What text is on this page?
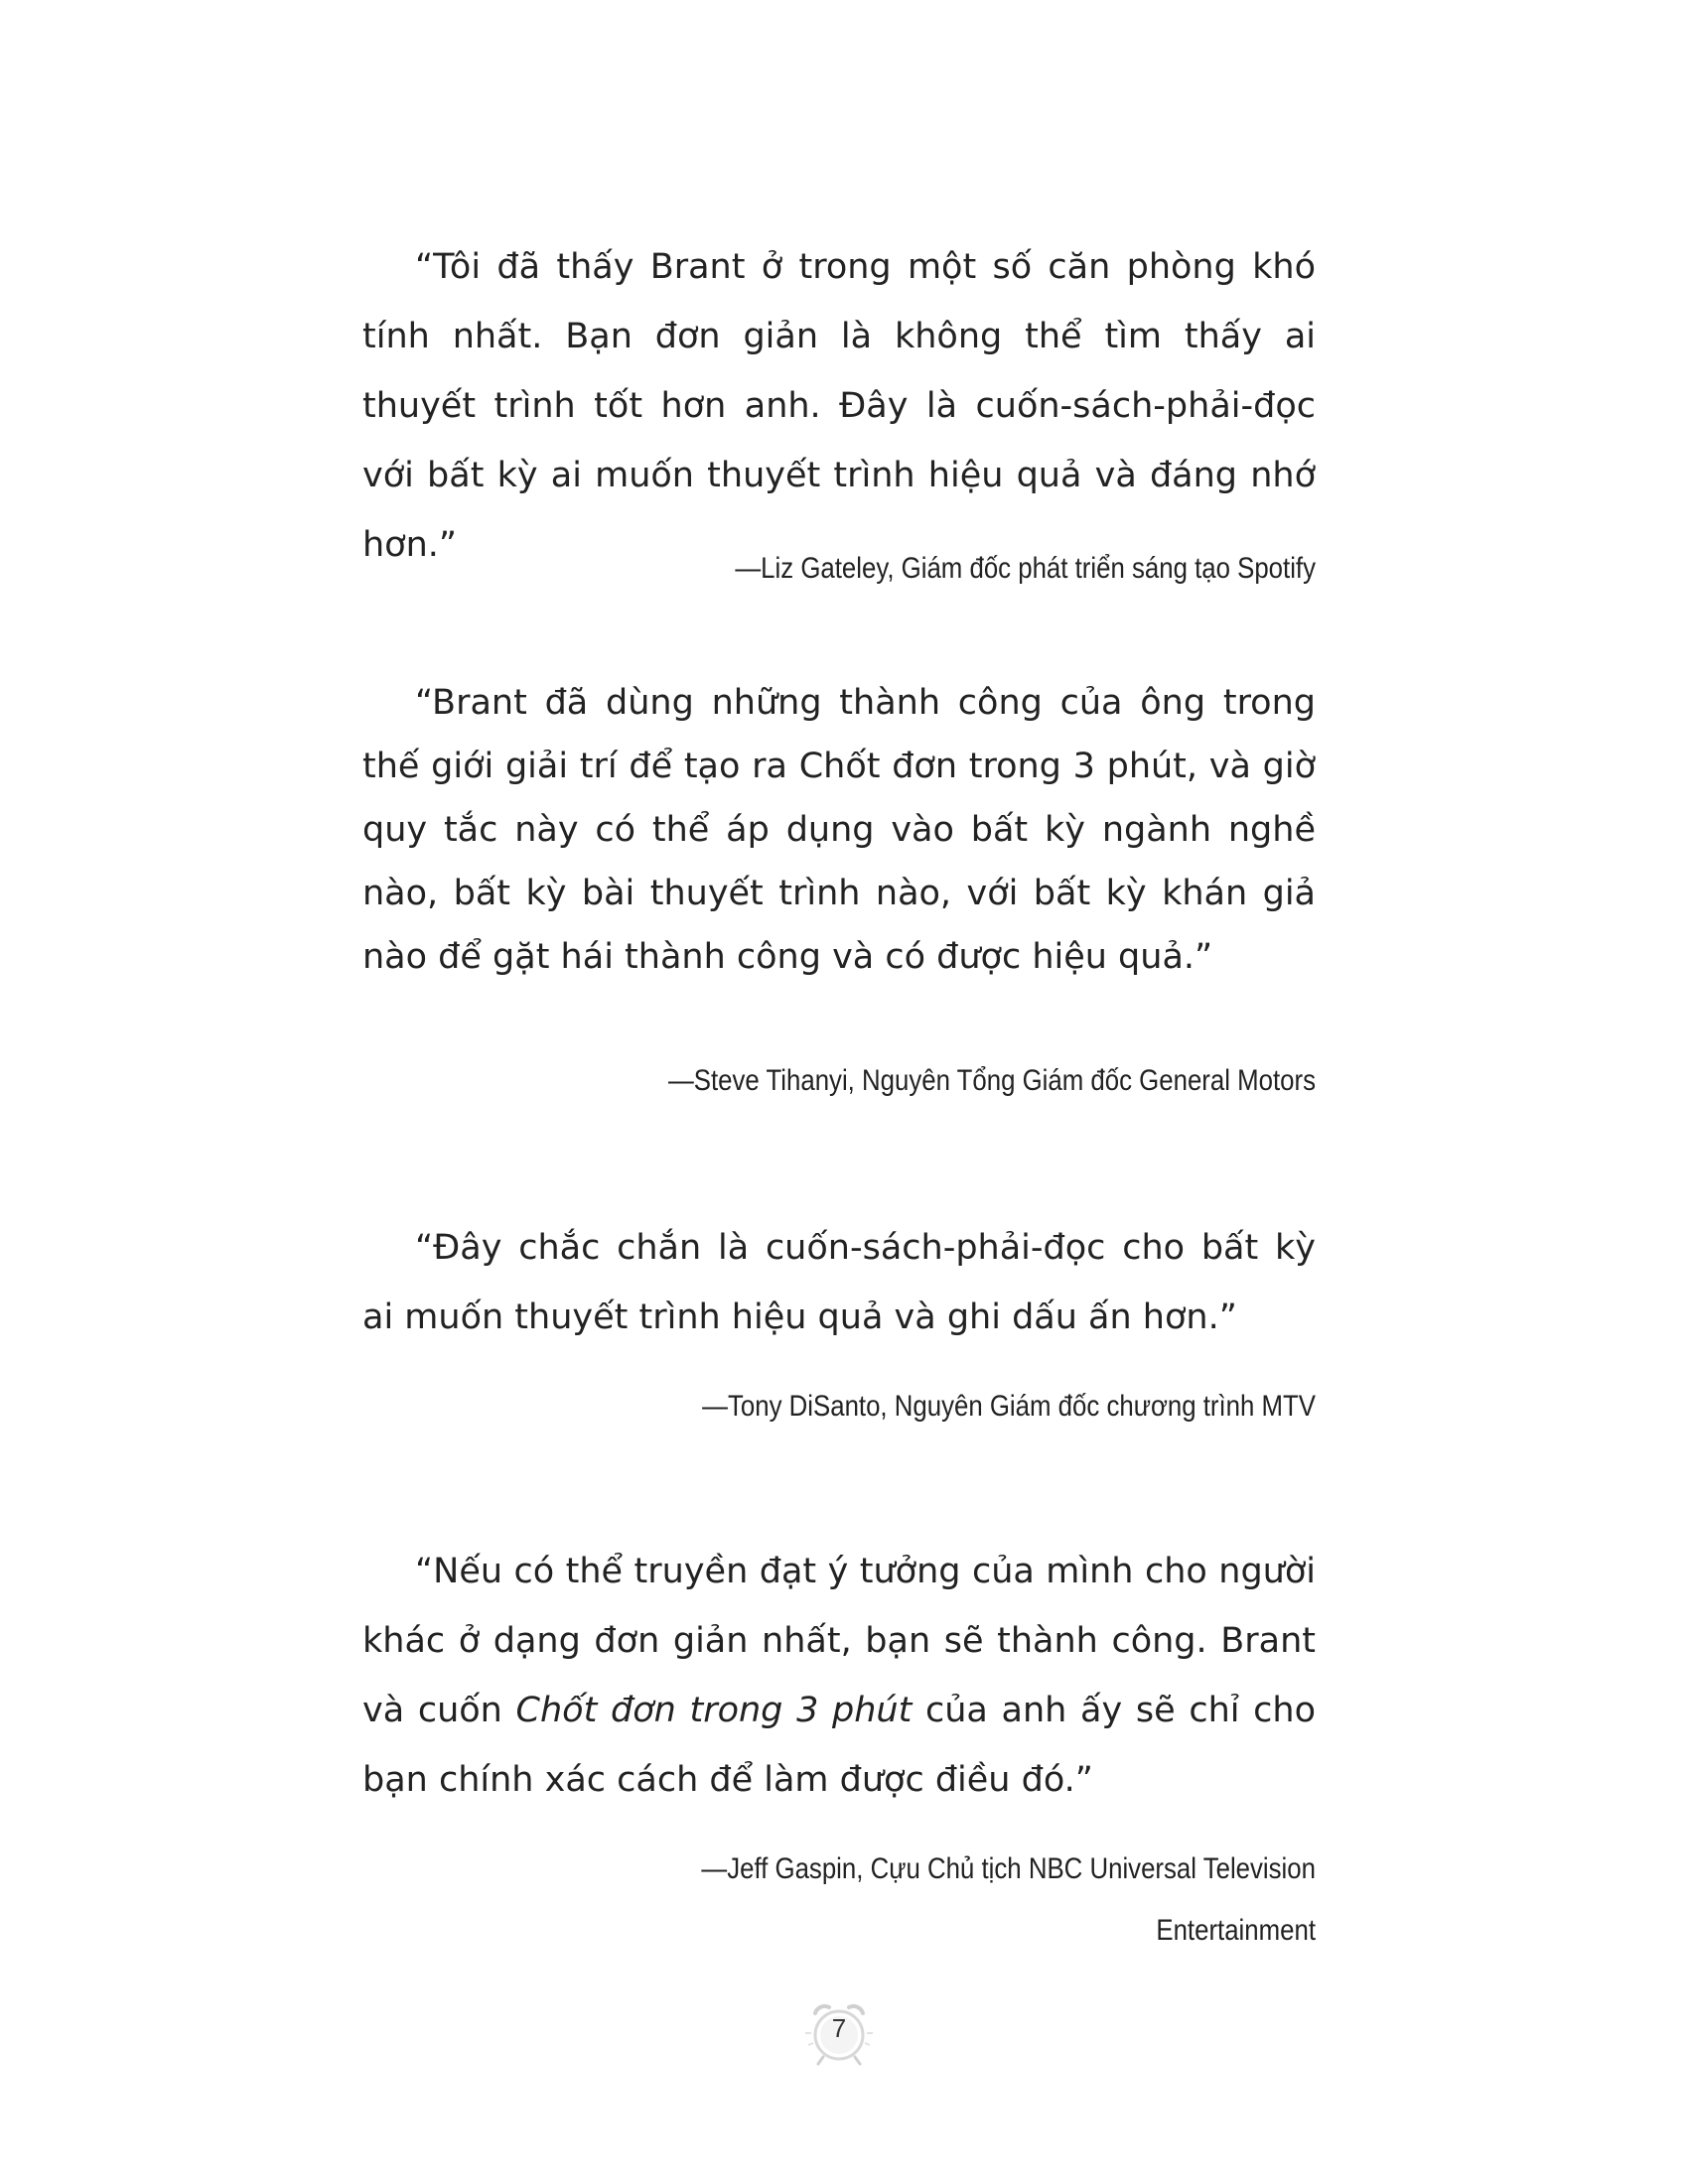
“Tôi đã thấy Brant ở trong một số căn phòng khó tính nhất. Bạn đơn giản là không thể tìm thấy ai thuyết trình tốt hơn anh. Đây là cuốn-sách-phải-đọc với bất kỳ ai muốn thuyết trình hiệu quả và đáng nhớ hơn.”

—Liz Gateley, Giám đốc phát triển sáng tạo Spotify

“Brant đã dùng những thành công của ông trong thế giới giải trí để tạo ra Chốt đơn trong 3 phút, và giờ quy tắc này có thể áp dụng vào bất kỳ ngành nghề nào, bất kỳ bài thuyết trình nào, với bất kỳ khán giả nào để gặt hái thành công và có được hiệu quả.”

—Steve Tihanyi, Nguyên Tổng Giám đốc General Motors

“Đây chắc chắn là cuốn-sách-phải-đọc cho bất kỳ ai muốn thuyết trình hiệu quả và ghi dấu ấn hơn.”

—Tony DiSanto, Nguyên Giám đốc chương trình MTV

“Nếu có thể truyền đạt ý tưởng của mình cho người khác ở dạng đơn giản nhất, bạn sẽ thành công. Brant và cuốn Chốt đơn trong 3 phút của anh ấy sẽ chỉ cho bạn chính xác cách để làm được điều đó.”

—Jeff Gaspin, Cựu Chủ tịch NBC Universal Television

Entertainment

7
